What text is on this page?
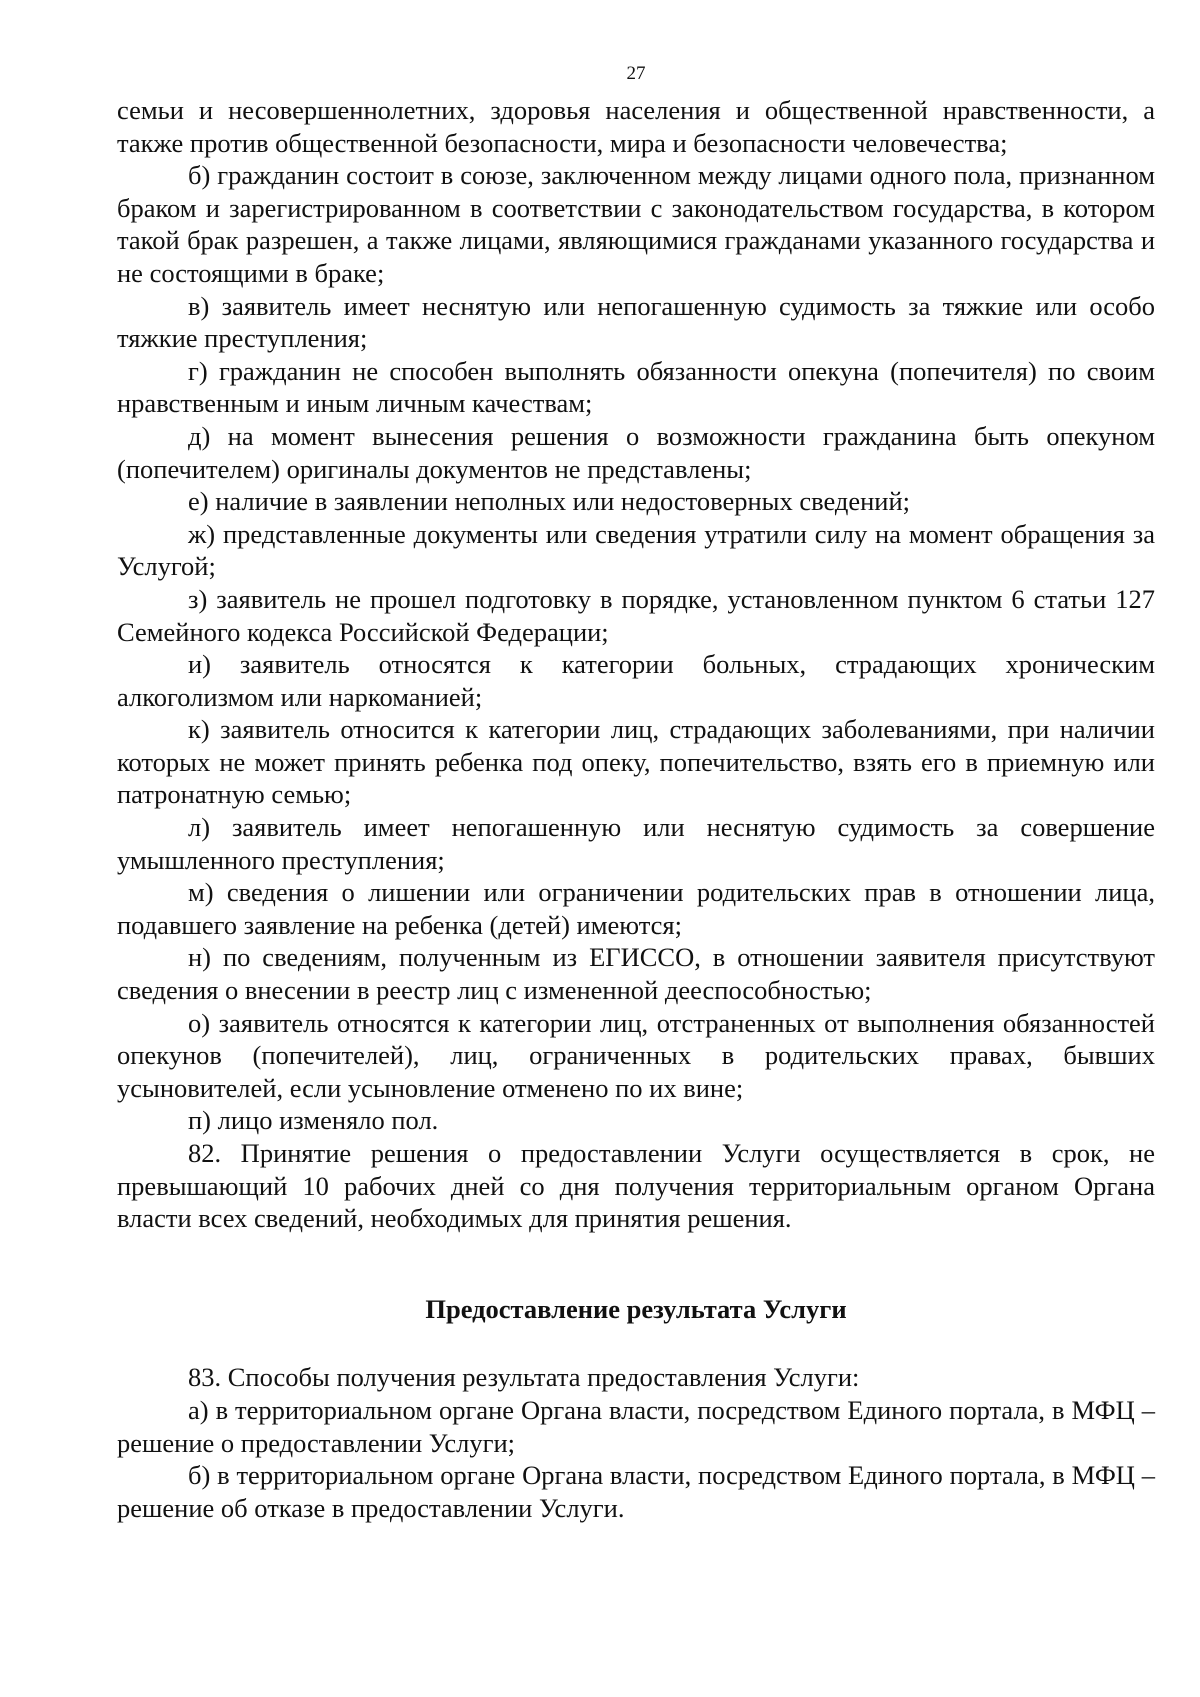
27

семьи и несовершеннолетних, здоровья населения и общественной нравственности, а также против общественной безопасности, мира и безопасности человечества;

б) гражданин состоит в союзе, заключенном между лицами одного пола, признанном браком и зарегистрированном в соответствии с законодательством государства, в котором такой брак разрешен, а также лицами, являющимися гражданами указанного государства и не состоящими в браке;

в) заявитель имеет неснятую или непогашенную судимость за тяжкие или особо тяжкие преступления;

г) гражданин не способен выполнять обязанности опекуна (попечителя) по своим нравственным и иным личным качествам;

д) на момент вынесения решения о возможности гражданина быть опекуном (попечителем) оригиналы документов не представлены;

е) наличие в заявлении неполных или недостоверных сведений;

ж) представленные документы или сведения утратили силу на момент обращения за Услугой;

з) заявитель не прошел подготовку в порядке, установленном пунктом 6 статьи 127 Семейного кодекса Российской Федерации;

и) заявитель относятся к категории больных, страдающих хроническим алкоголизмом или наркоманией;

к) заявитель относится к категории лиц, страдающих заболеваниями, при наличии которых не может принять ребенка под опеку, попечительство, взять его в приемную или патронатную семью;

л) заявитель имеет непогашенную или неснятую судимость за совершение умышленного преступления;

м) сведения о лишении или ограничении родительских прав в отношении лица, подавшего заявление на ребенка (детей) имеются;

н) по сведениям, полученным из ЕГИССО, в отношении заявителя присутствуют сведения о внесении в реестр лиц с измененной дееспособностью;

о) заявитель относятся к категории лиц, отстраненных от выполнения обязанностей опекунов (попечителей), лиц, ограниченных в родительских правах, бывших усыновителей, если усыновление отменено по их вине;

п) лицо изменяло пол.

82. Принятие решения о предоставлении Услуги осуществляется в срок, не превышающий 10 рабочих дней со дня получения территориальным органом Органа власти всех сведений, необходимых для принятия решения.

Предоставление результата Услуги

83. Способы получения результата предоставления Услуги:

а) в территориальном органе Органа власти, посредством Единого портала, в МФЦ – решение о предоставлении Услуги;

б) в территориальном органе Органа власти, посредством Единого портала, в МФЦ – решение об отказе в предоставлении Услуги.
